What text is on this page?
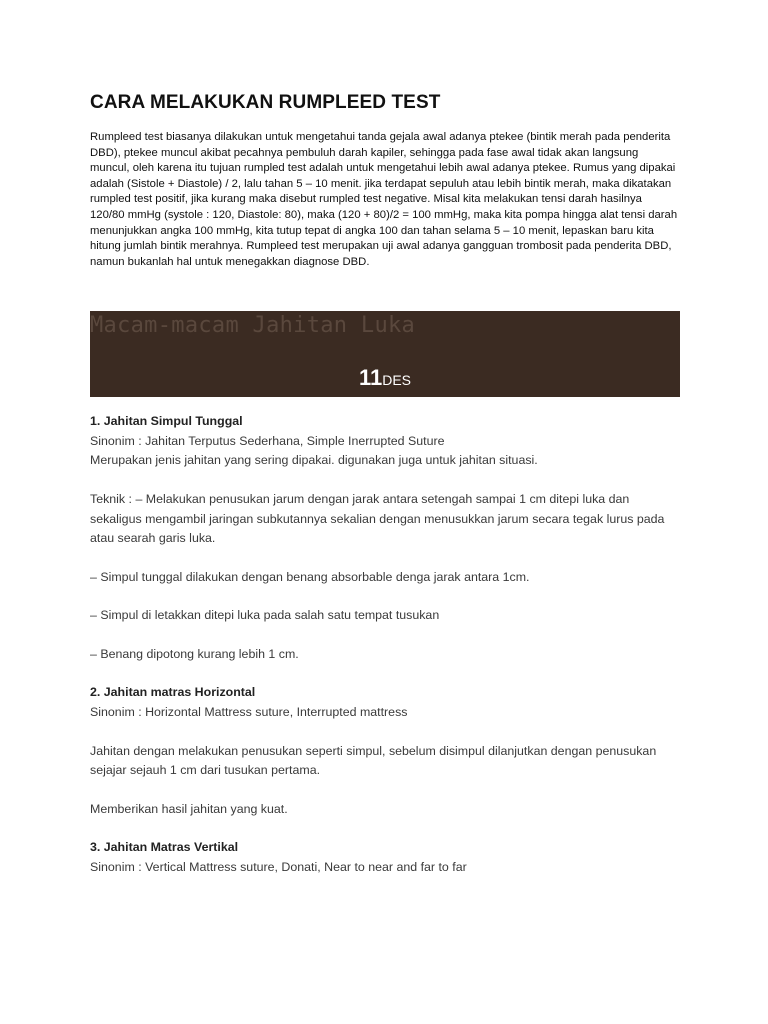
CARA MELAKUKAN RUMPLEED TEST
Rumpleed test biasanya dilakukan untuk mengetahui tanda gejala awal adanya ptekee (bintik merah pada penderita
DBD), ptekee muncul akibat pecahnya pembuluh darah kapiler, sehingga pada fase awal tidak akan langsung
muncul, oleh karena itu tujuan rumpled test adalah untuk mengetahui lebih awal adanya ptekee. Rumus yang dipakai
adalah (Sistole + Diastole) / 2, lalu tahan 5 – 10 menit. jika terdapat sepuluh atau lebih bintik merah, maka dikatakan
rumpled test positif, jika kurang maka disebut rumpled test negative. Misal kita melakukan tensi darah hasilnya
120/80 mmHg (systole : 120, Diastole: 80), maka (120 + 80)/2 = 100 mmHg, maka kita pompa hingga alat tensi darah
menunjukkan angka 100 mmHg, kita tutup tepat di angka 100 dan tahan selama 5 – 10 menit, lepaskan baru kita
hitung jumlah bintik merahnya. Rumpleed test merupakan uji awal adanya gangguan trombosit pada penderita DBD,
namun bukanlah hal untuk menegakkan diagnose DBD.
Macam-macam Jahitan Luka
11DES
1. Jahitan Simpul Tunggal
Sinonim : Jahitan Terputus Sederhana, Simple Inerrupted Suture
Merupakan jenis jahitan yang sering dipakai. digunakan juga untuk jahitan situasi.
Teknik : – Melakukan penusukan jarum dengan jarak antara setengah sampai 1 cm ditepi luka dan
sekaligus mengambil jaringan subkutannya sekalian dengan menusukkan jarum secara tegak lurus pada
atau searah garis luka.
– Simpul tunggal dilakukan dengan benang absorbable denga jarak antara 1cm.
– Simpul di letakkan ditepi luka pada salah satu tempat tusukan
– Benang dipotong kurang lebih 1 cm.
2. Jahitan matras Horizontal
Sinonim : Horizontal Mattress suture, Interrupted mattress
Jahitan dengan melakukan penusukan seperti simpul, sebelum disimpul dilanjutkan dengan penusukan
sejajar sejauh 1 cm dari tusukan pertama.
Memberikan hasil jahitan yang kuat.
3. Jahitan Matras Vertikal
Sinonim : Vertical Mattress suture, Donati, Near to near and far to far
